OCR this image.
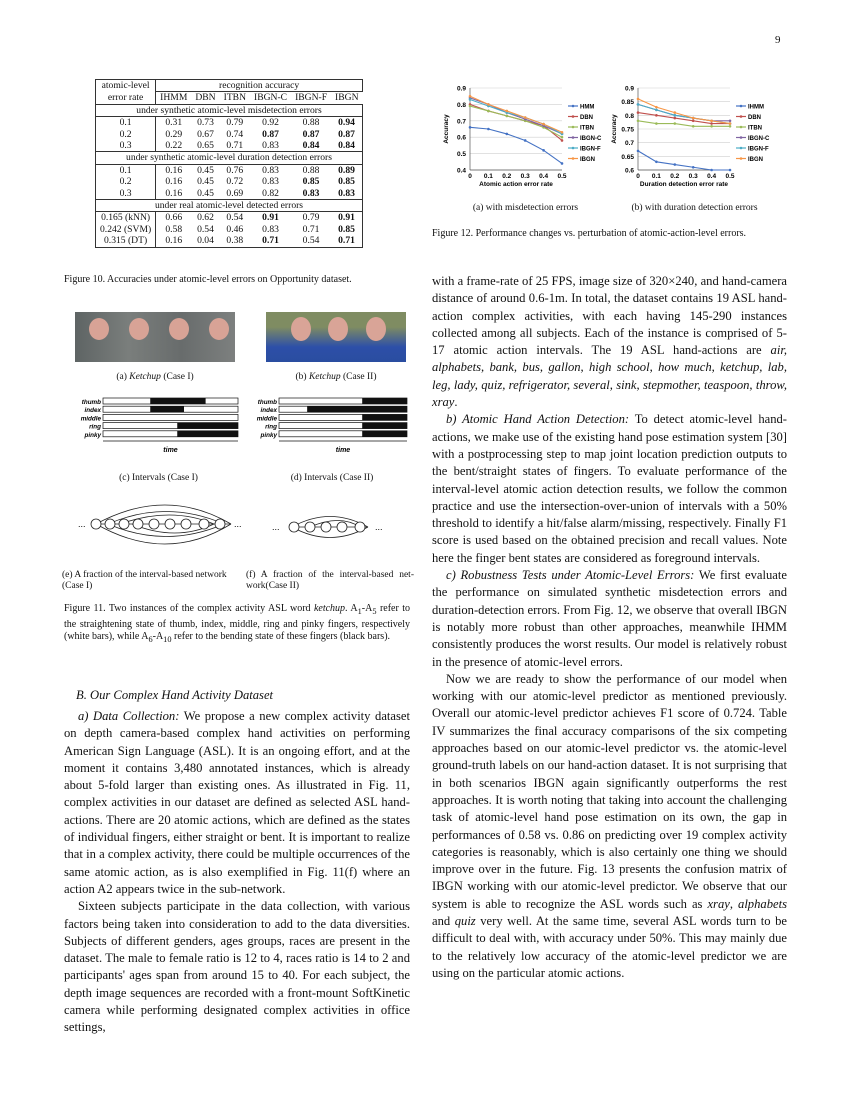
9
atomic-level	recognition accuracy					
error rate	IHMM	DBN	ITBN	IBGN-C	IBGN-F	IBGN
under synthetic atomic-level misdetection errors						
0.1	0.31	0.73	0.79	0.92	0.88	0.94
0.2	0.29	0.67	0.74	0.87	0.87	0.87
0.3	0.22	0.65	0.71	0.83	0.84	0.84
under synthetic atomic-level duration detection errors						
0.1	0.16	0.45	0.76	0.83	0.88	0.89
0.2	0.16	0.45	0.72	0.83	0.85	0.85
0.3	0.16	0.45	0.69	0.82	0.83	0.83
under real atomic-level detected errors						
0.165 (kNN)	0.66	0.62	0.54	0.91	0.79	0.91
0.242 (SVM)	0.58	0.54	0.46	0.83	0.71	0.85
0.315 (DT)	0.16	0.04	0.38	0.71	0.54	0.71
Figure 10. Accuracies under atomic-level errors on Opportunity dataset.
(a) Ketchup (Case I)	(b) Ketchup (Case II)
thumb
index
middle
ring
pinky
time
thumb
index
middle
ring
pinky
time
(c) Intervals (Case I)	(d) Intervals (Case II)
...	...	...	...
(e) A fraction of the interval-based network (Case I)
(f) A fraction of the interval-based net- work(Case II)
Figure 11. Two instances of the complex activity ASL word ketchup. $A_1-A_5$ refer to the straightening state of thumb, index, middle, ring and pinky fingers, respectively (white bars), while $A_6-A_{10}$ refer to the bending state of these fingers (black bars).
B. Our Complex Hand Activity Dataset

a) Data Collection: We propose a new complex activity dataset on depth camera-based complex hand activities on performing American Sign Language (ASL). It is an ongoing effort, and at the moment it contains 3,480 annotated instances, which is already about 5-fold larger than existing ones. As illustrated in Fig. 11, complex activities in our dataset are defined as selected ASL hand-actions. There are 20 atomic actions, which are defined as the states of individual fingers, either straight or bent. It is important to realize that in a complex activity, there could be multiple occurrences of the same atomic action, as is also exemplified in Fig. 11(f) where an action A2 appears twice in the sub-network.

Sixteen subjects participate in the data collection, with various factors being taken into consideration to add to the data diversities. Subjects of different genders, ages groups, races are present in the dataset. The male to female ratio is 12 to 4, races ratio is 14 to 2 and participants' ages span from around 15 to 40. For each subject, the depth image sequences are recorded with a front-mount SoftKinetic camera while performing designated complex activities in office settings,

0.4
0.5
0.6
0.7
0.8
0.9
0 0.1 0.2 0.3 0.4 0.5
Atomic action error rate
Accuracy
HMM
DBN
ITBN
IBGN-C
IBGN-F
IBGN
0.6
0.65
0.7
0.75
0.8
0.85
0.9
0 0.1 0.2 0.3 0.4 0.5
Duration detection error rate
Accuracy
IHMM
DBN
ITBN
IBGN-C
IBGN-F
IBGN
(a) with misdetection errors	(b) with duration detection errors
Figure 12. Performance changes vs. perturbation of atomic-action-level errors.

with a frame-rate of 25 FPS, image size of 320×240, and hand-camera distance of around 0.6-1m. In total, the dataset contains 19 ASL hand-action complex activities, with each having 145-290 instances collected among all subjects. Each of the instance is comprised of 5-17 atomic action intervals. The 19 ASL hand-actions are air, alphabets, bank, bus, gallon, high school, how much, ketchup, lab, leg, lady, quiz, refrigerator, several, sink, stepmother, teaspoon, throw, xray.

b) Atomic Hand Action Detection: To detect atomic-level hand-actions, we make use of the existing hand pose estimation system [30] with a postprocessing step to map joint location prediction outputs to the bent/straight states of fingers. To evaluate performance of the interval-level atomic action detection results, we follow the common practice and use the intersection-over-union of intervals with a 50% threshold to identify a hit/false alarm/missing, respectively. Finally F1 score is used based on the obtained precision and recall values. Note here the finger bent states are considered as foreground intervals.

c) Robustness Tests under Atomic-Level Errors: We first evaluate the performance on simulated synthetic misdetection errors and duration-detection errors. From Fig. 12, we observe that overall IBGN is notably more robust than other approaches, meanwhile IHMM consistently produces the worst results. Our model is relatively robust in the presence of atomic-level errors.

Now we are ready to show the performance of our model when working with our atomic-level predictor as mentioned previously. Overall our atomic-level predictor achieves F1 score of 0.724. Table IV summarizes the final accuracy comparisons of the six competing approaches based on our atomic-level predictor vs. the atomic-level ground-truth labels on our hand-action dataset. It is not surprising that in both scenarios IBGN again significantly outperforms the rest approaches. It is worth noting that taking into account the challenging task of atomic-level hand pose estimation on its own, the gap in performances of 0.58 vs. 0.86 on predicting over 19 complex activity categories is reasonably, which is also certainly one thing we should improve over in the future. Fig. 13 presents the confusion matrix of IBGN working with our atomic-level predictor. We observe that our system is able to recognize the ASL words such as xray, alphabets and quiz very well. At the same time, several ASL words turn to be difficult to deal with, with accuracy under 50%. This may mainly due to the relatively low accuracy of the atomic-level predictor we are using on the particular atomic actions.
